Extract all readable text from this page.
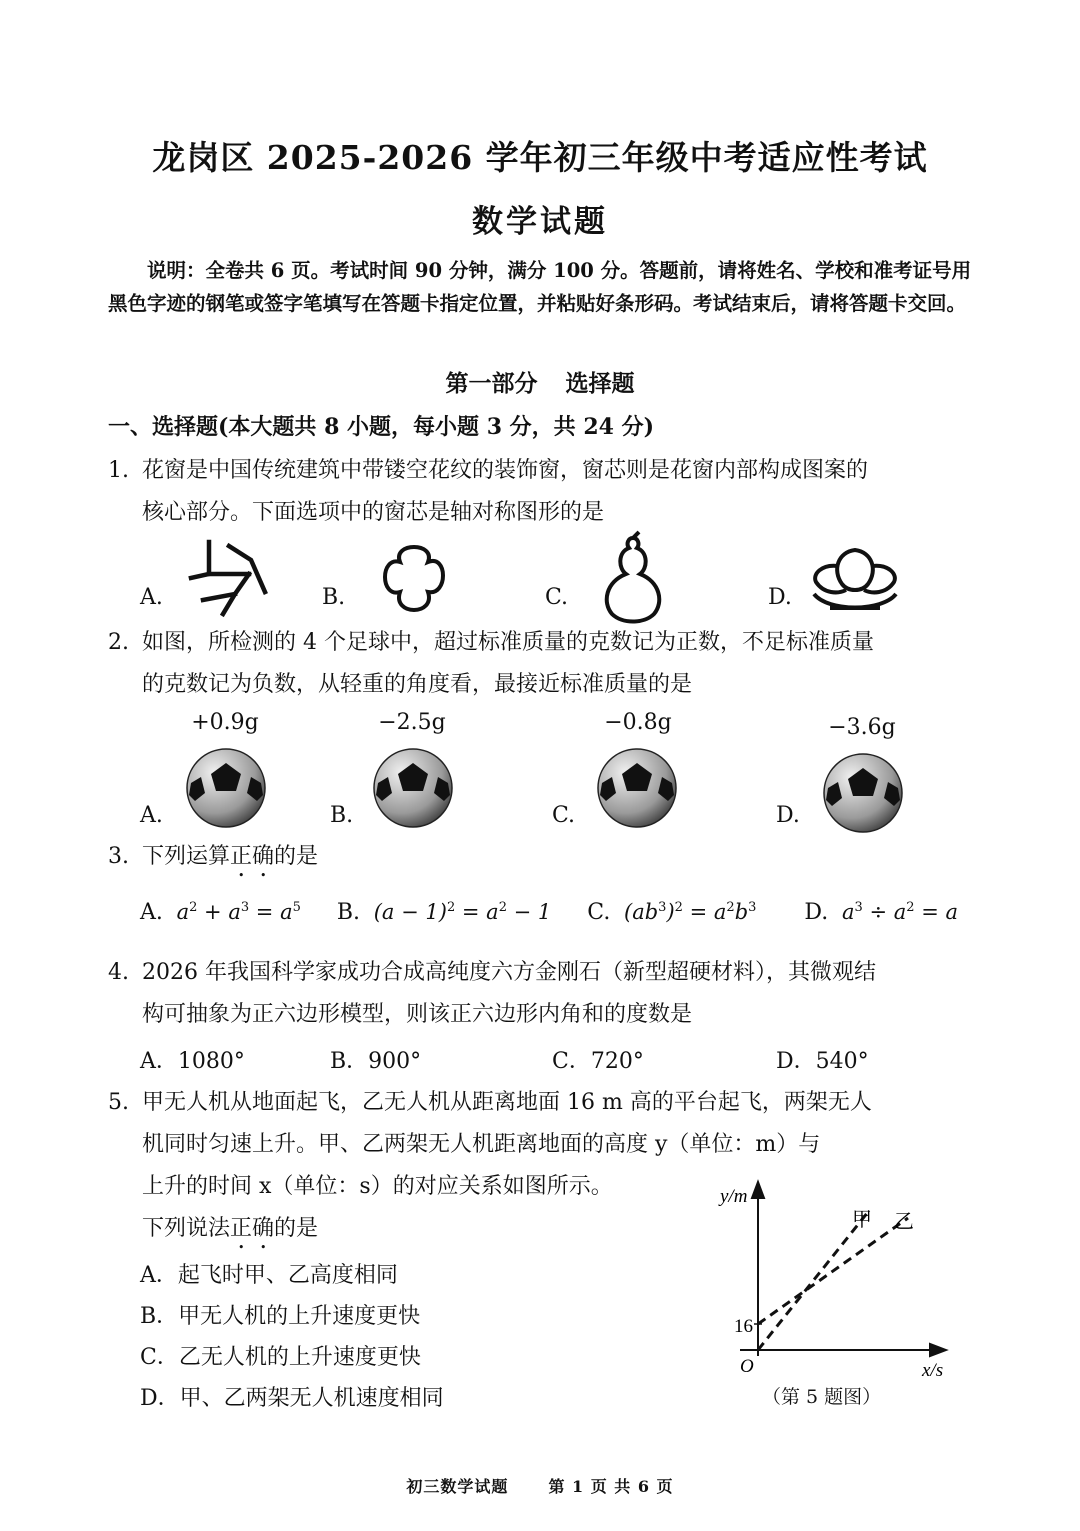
龙岗区 2025-2026 学年初三年级中考适应性考试
数学试题
说明：全卷共 6 页。考试时间 90 分钟，满分 100 分。答题前，请将姓名、学校和准考证号用黑色字迹的钢笔或签字笔填写在答题卡指定位置，并粘贴好条形码。考试结束后，请将答题卡交回。
第一部分 选择题
一、选择题(本大题共 8 小题，每小题 3 分，共 24 分)
1. 花窗是中国传统建筑中带镂空花纹的装饰窗，窗芯则是花窗内部构成图案的
核心部分。下面选项中的窗芯是轴对称图形的是
A.	B.	C.	D.
2. 如图，所检测的 4 个足球中，超过标准质量的克数记为正数，不足标准质量
的克数记为负数，从轻重的角度看，最接近标准质量的是
+0.9g	−2.5g	−0.8g	−3.6g
A.	B.	C.	D.
3. 下列运算正确的是
A.  $a^2 + a^3 = a^5$ B.  $(a - 1)^2 = a^2 - 1$ C.  $(ab^3)^2 = a^2b^3$ D.  $a^3 \div a^2 = a$
4. 2026 年我国科学家成功合成高纯度六方金刚石（新型超硬材料），其微观结
构可抽象为正六边形模型，则该正六边形内角和的度数是
A．1080°	B．900°	C．720°	D．540°
5. 甲无人机从地面起飞，乙无人机从距离地面 16 m 高的平台起飞，两架无人
机同时匀速上升。甲、乙两架无人机距离地面的高度 y（单位：m）与
上升的时间 x（单位：s）的对应关系如图所示。
下列说法正确的是
A．起飞时甲、乙高度相同
B．甲无人机的上升速度更快
C．乙无人机的上升速度更快
D．甲、乙两架无人机速度相同
y/m
x/s
O
16
甲 乙
（第 5 题图）
初三数学试题	第 1 页 共 6 页
